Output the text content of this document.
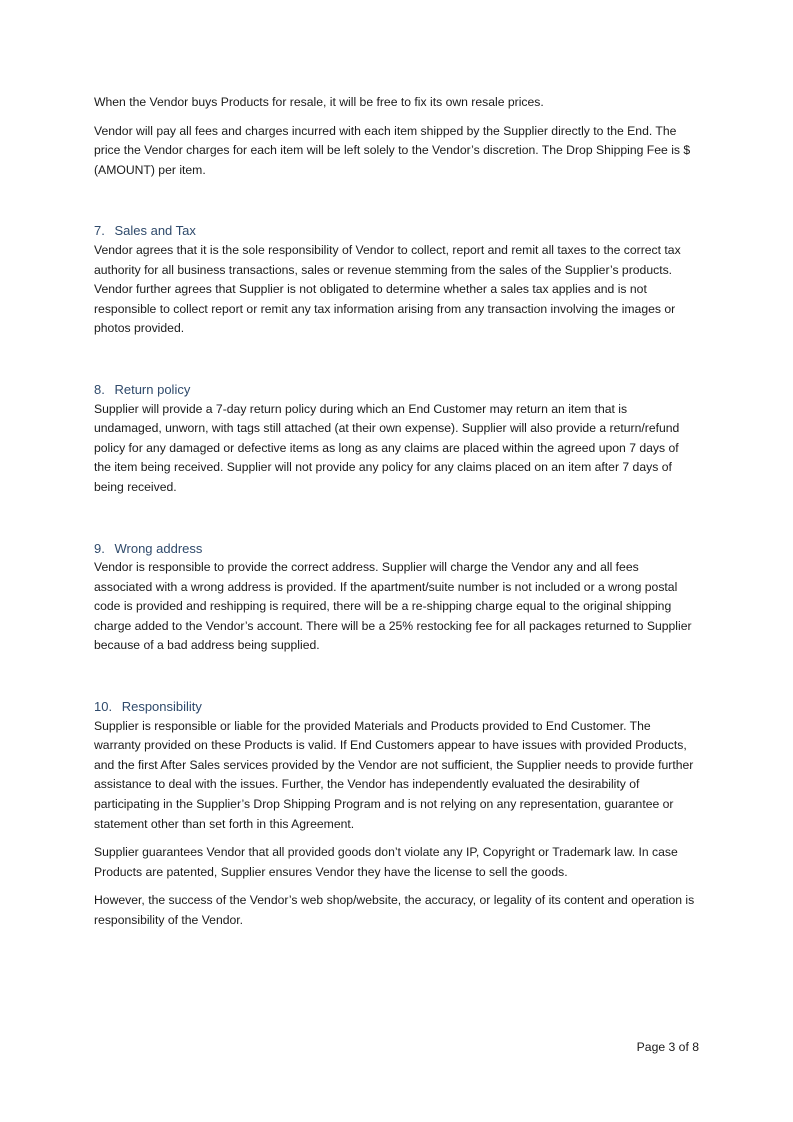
When the Vendor buys Products for resale, it will be free to fix its own resale prices.

Vendor will pay all fees and charges incurred with each item shipped by the Supplier directly to the End. The price the Vendor charges for each item will be left solely to the Vendor’s discretion. The Drop Shipping Fee is $ (AMOUNT) per item.

7. Sales and Tax

Vendor agrees that it is the sole responsibility of Vendor to collect, report and remit all taxes to the correct tax authority for all business transactions, sales or revenue stemming from the sales of the Supplier’s products. Vendor further agrees that Supplier is not obligated to determine whether a sales tax applies and is not responsible to collect report or remit any tax information arising from any transaction involving the images or photos provided.

8. Return policy

Supplier will provide a 7-day return policy during which an End Customer may return an item that is undamaged, unworn, with tags still attached (at their own expense). Supplier will also provide a return/refund policy for any damaged or defective items as long as any claims are placed within the agreed upon 7 days of the item being received. Supplier will not provide any policy for any claims placed on an item after 7 days of being received.

9. Wrong address

Vendor is responsible to provide the correct address. Supplier will charge the Vendor any and all fees associated with a wrong address is provided. If the apartment/suite number is not included or a wrong postal code is provided and reshipping is required, there will be a re-shipping charge equal to the original shipping charge added to the Vendor’s account. There will be a 25% restocking fee for all packages returned to Supplier because of a bad address being supplied.

10. Responsibility

Supplier is responsible or liable for the provided Materials and Products provided to End Customer. The warranty provided on these Products is valid. If End Customers appear to have issues with provided Products, and the first After Sales services provided by the Vendor are not sufficient, the Supplier needs to provide further assistance to deal with the issues. Further, the Vendor has independently evaluated the desirability of participating in the Supplier’s Drop Shipping Program and is not relying on any representation, guarantee or statement other than set forth in this Agreement.

Supplier guarantees Vendor that all provided goods don’t violate any IP, Copyright or Trademark law. In case Products are patented, Supplier ensures Vendor they have the license to sell the goods.

However, the success of the Vendor’s web shop/website, the accuracy, or legality of its content and operation is responsibility of the Vendor.

Page 3 of 8
